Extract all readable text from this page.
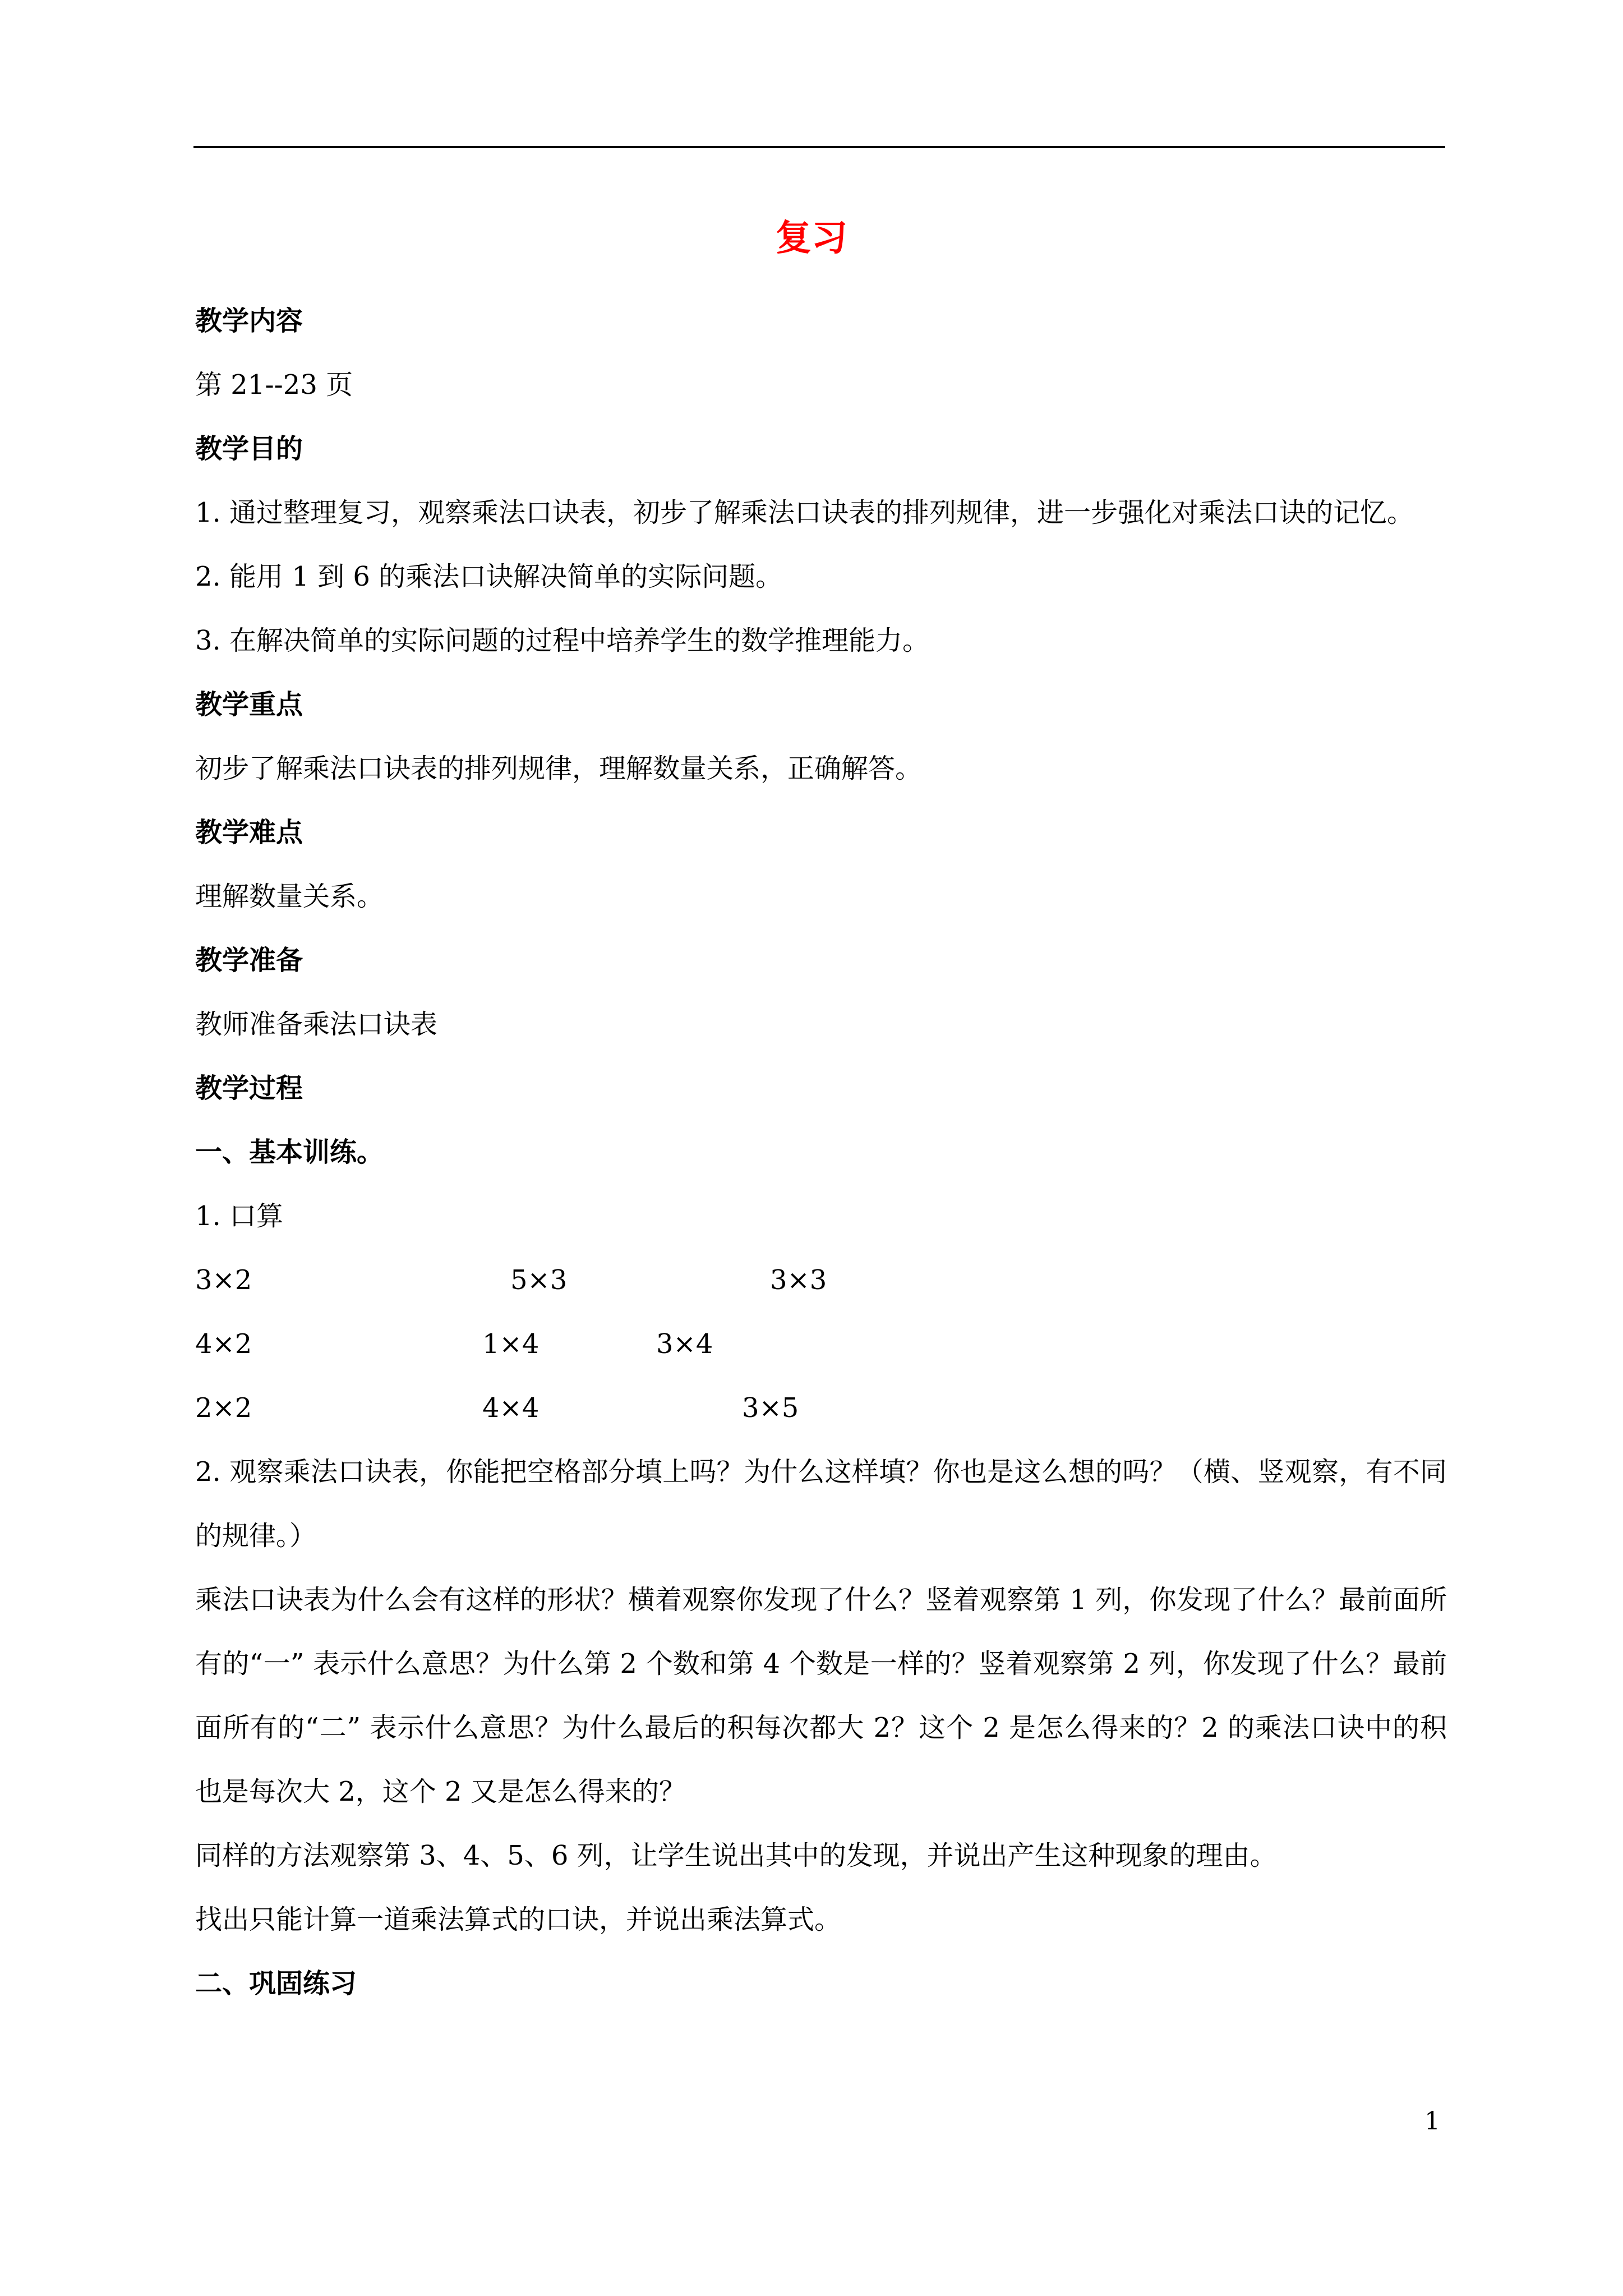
复习
教学内容
第 21--23 页
教学目的
1. 通过整理复习，观察乘法口诀表，初步了解乘法口诀表的排列规律，进一步强化对乘法口诀的记忆。
2. 能用 1 到 6 的乘法口诀解决简单的实际问题。
3. 在解决简单的实际问题的过程中培养学生的数学推理能力。
教学重点
初步了解乘法口诀表的排列规律，理解数量关系，正确解答。
教学难点
理解数量关系。
教学准备
教师准备乘法口诀表
教学过程
一、基本训练。
1. 口算
3×2	5×3	3×3
4×2	1×4	3×4
2×2	4×4	3×5
2. 观察乘法口诀表，你能把空格部分填上吗？为什么这样填？你也是这么想的吗？（横、竖观察，有不同的规律。）
乘法口诀表为什么会有这样的形状？横着观察你发现了什么？竖着观察第 1 列，你发现了什么？最前面所有的“一” 表示什么意思？为什么第 2 个数和第 4 个数是一样的？竖着观察第 2 列，你发现了什么？最前面所有的“二” 表示什么意思？为什么最后的积每次都大 2？这个 2 是怎么得来的？2 的乘法口诀中的积也是每次大 2，这个 2 又是怎么得来的？
同样的方法观察第 3、4、5、6 列，让学生说出其中的发现，并说出产生这种现象的理由。
找出只能计算一道乘法算式的口诀，并说出乘法算式。
二、巩固练习
1
